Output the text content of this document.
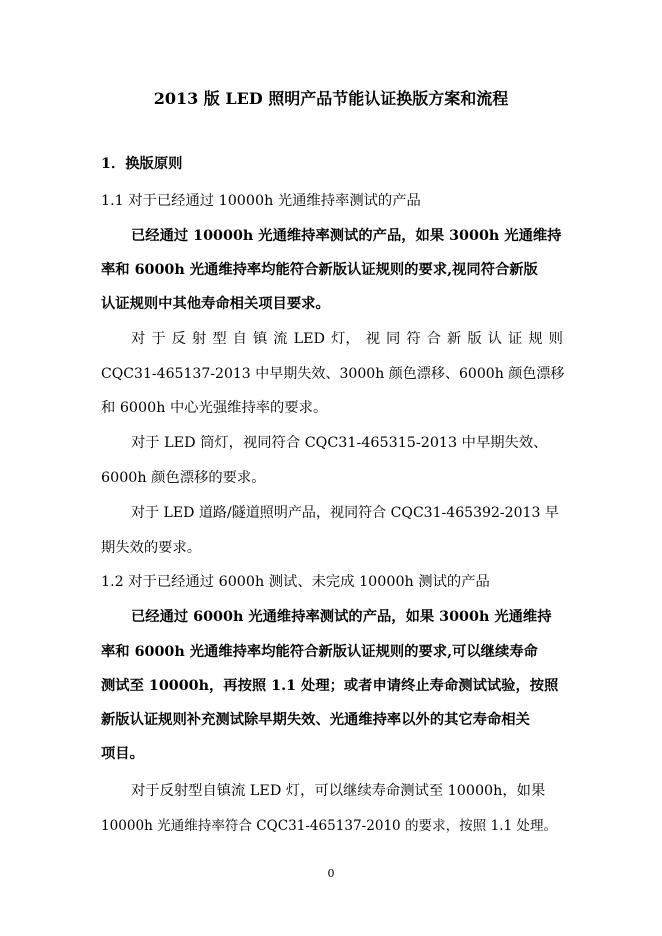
2013 版 LED 照明产品节能认证换版方案和流程
1．换版原则
1.1 对于已经通过 10000h 光通维持率测试的产品
已经通过 10000h 光通维持率测试的产品，如果 3000h 光通维持
率和 6000h 光通维持率均能符合新版认证规则的要求,视同符合新版
认证规则中其他寿命相关项目要求。
对 于 反 射 型 自 镇 流 LED 灯， 视 同 符 合 新 版 认 证 规 则
CQC31-465137-2013 中早期失效、3000h 颜色漂移、6000h 颜色漂移
和 6000h 中心光强维持率的要求。
对于 LED 筒灯，视同符合 CQC31-465315-2013 中早期失效、
6000h 颜色漂移的要求。
对于 LED 道路/隧道照明产品，视同符合 CQC31-465392-2013 早
期失效的要求。
1.2 对于已经通过 6000h 测试、未完成 10000h 测试的产品
已经通过 6000h 光通维持率测试的产品，如果 3000h 光通维持
率和 6000h 光通维持率均能符合新版认证规则的要求,可以继续寿命
测试至 10000h，再按照 1.1 处理；或者申请终止寿命测试试验，按照
新版认证规则补充测试除早期失效、光通维持率以外的其它寿命相关
项目。
对于反射型自镇流 LED 灯，可以继续寿命测试至 10000h，如果
10000h 光通维持率符合 CQC31-465137-2010 的要求，按照 1.1 处理。
0
